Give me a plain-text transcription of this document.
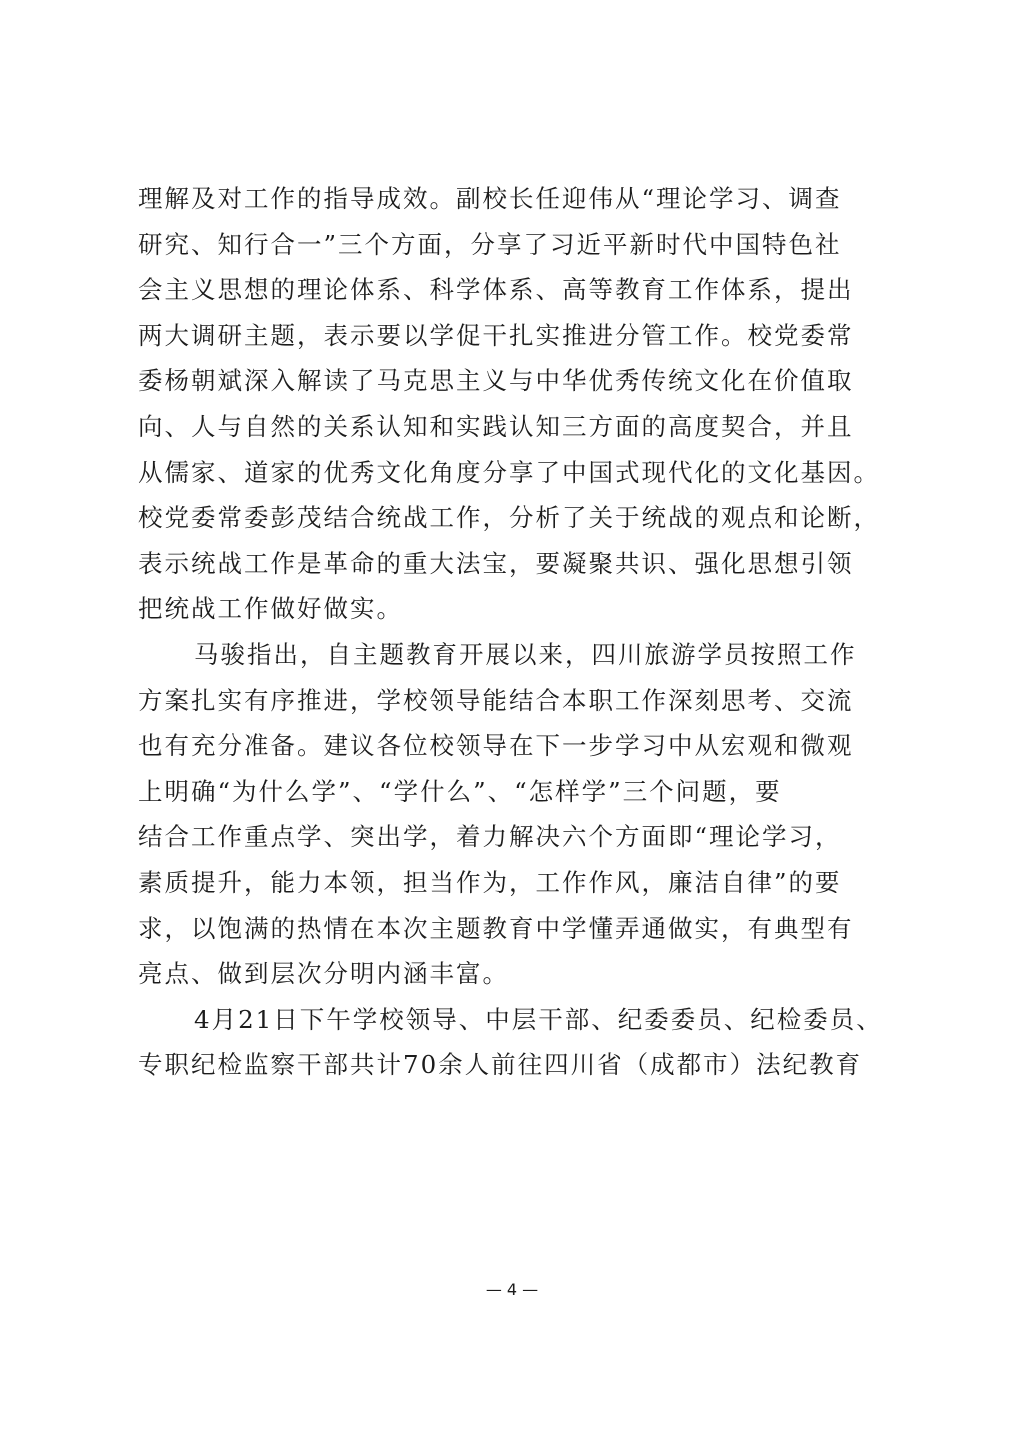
理解及对工作的指导成效。副校长任迎伟从“理论学习、调查
研究、知行合一”三个方面，分享了习近平新时代中国特色社
会主义思想的理论体系、科学体系、高等教育工作体系，提出
两大调研主题，表示要以学促干扎实推进分管工作。校党委常
委杨朝斌深入解读了马克思主义与中华优秀传统文化在价值取
向、人与自然的关系认知和实践认知三方面的高度契合，并且
从儒家、道家的优秀文化角度分享了中国式现代化的文化基因。
校党委常委彭茂结合统战工作，分析了关于统战的观点和论断，
表示统战工作是革命的重大法宝，要凝聚共识、强化思想引领
把统战工作做好做实。
马骏指出，自主题教育开展以来，四川旅游学员按照工作
方案扎实有序推进，学校领导能结合本职工作深刻思考、交流
也有充分准备。建议各位校领导在下一步学习中从宏观和微观
上明确“为什么学”、“学什么”、“怎样学”三个问题，要
结合工作重点学、突出学，着力解决六个方面即“理论学习，
素质提升，能力本领，担当作为，工作作风，廉洁自律”的要
求，以饱满的热情在本次主题教育中学懂弄通做实，有典型有
亮点、做到层次分明内涵丰富。
4月21日下午学校领导、中层干部、纪委委员、纪检委员、
专职纪检监察干部共计70余人前往四川省（成都市）法纪教育
— 4 —
